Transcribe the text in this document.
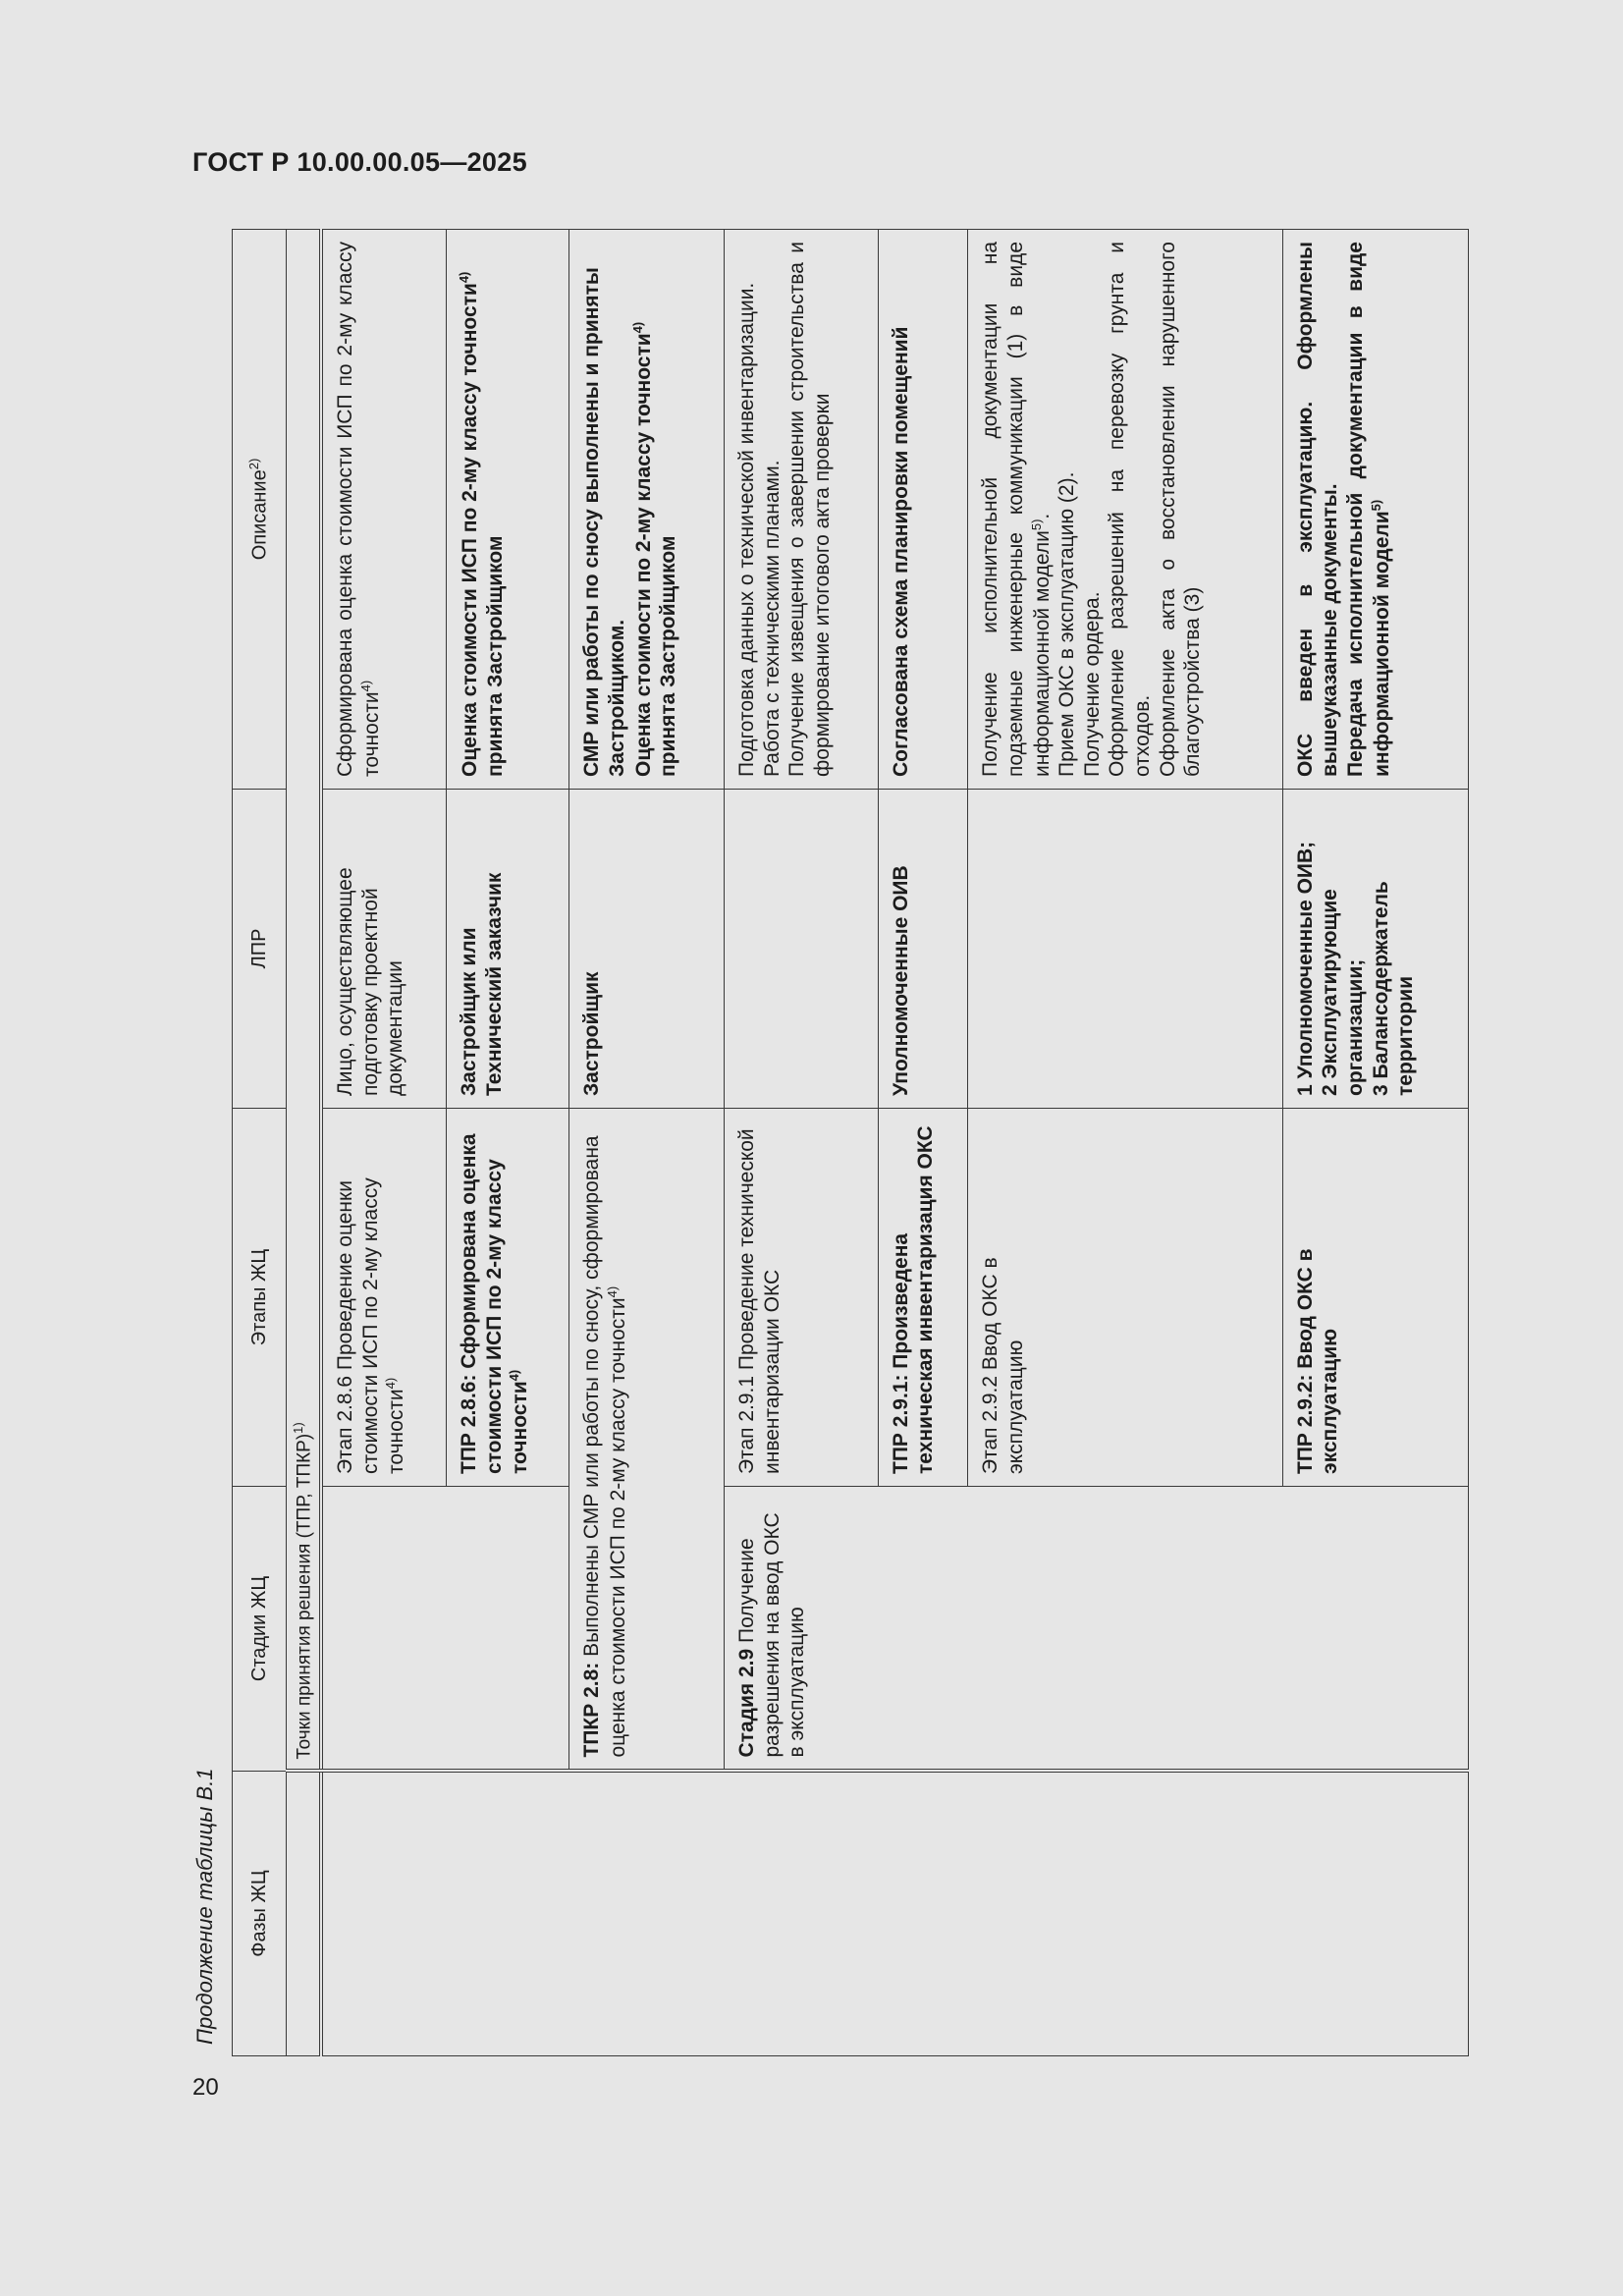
ГОСТ Р 10.00.00.05—2025
20
Продолжение таблицы В.1 Фазы ЖЦ	Стадии ЖЦ	Этапы ЖЦ	ЛПР	Описание$^{2)}$
	Точки принятия решения (ТПР, ТПКР)$^{1)}$
		Этап 2.8.6 Проведение оценки стоимости ИСП по 2-му классу точности$^{4)}$	Лицо, осуществляющее подготовку проектной документации	Сформирована оценка стоимости ИСП по 2-му классу точности$^{4)}$
		ТПР 2.8.6: Сформирована оценка стоимости ИСП по 2-му классу точности$^{4)}$	Застройщик или Технический заказчик	Оценка стоимости ИСП по 2-му классу точности$^{4)}$ принята Застройщиком
	ТПКР 2.8: Выполнены СМР или работы по сносу, сформирована оценка стоимости ИСП по 2-му классу точности$^{4)}$		Застройщик	СМР или работы по сносу выполнены и приняты Застройщиком. Оценка стоимости по 2-му классу точности$^{4)}$ принята Застройщиком
	Стадия 2.9 Получение разрешения на ввод ОКС в эксплуатацию	Этап 2.9.1 Проведение технической инвентаризации ОКС		Подготовка данных о технической инвентаризации. Работа с техническими планами. Получение извещения о завершении строительства и формирование итогового акта проверки
		ТПР 2.9.1: Произведена техническая инвентаризация ОКС	Уполномоченные ОИВ	Согласована схема планировки помещений
		Этап 2.9.2 Ввод ОКС в эксплуатацию		Получение исполнительной документации на подземные инженерные коммуникации (1) в виде информационной модели$^{5)}$. Прием ОКС в эксплуатацию (2). Получение ордера. Оформление разрешений на перевозку грунта и отходов. Оформление акта о восстановлении нарушенного благоустройства (3)
		ТПР 2.9.2: Ввод ОКС в эксплуатацию	1 Уполномоченные ОИВ; 2 Эксплуатирующие организации; 3 Балансодержатель территории	ОКС введен в эксплуатацию. Оформлены вышеуказанные документы. Передача исполнительной документации в виде информационной модели$^{5)}$
